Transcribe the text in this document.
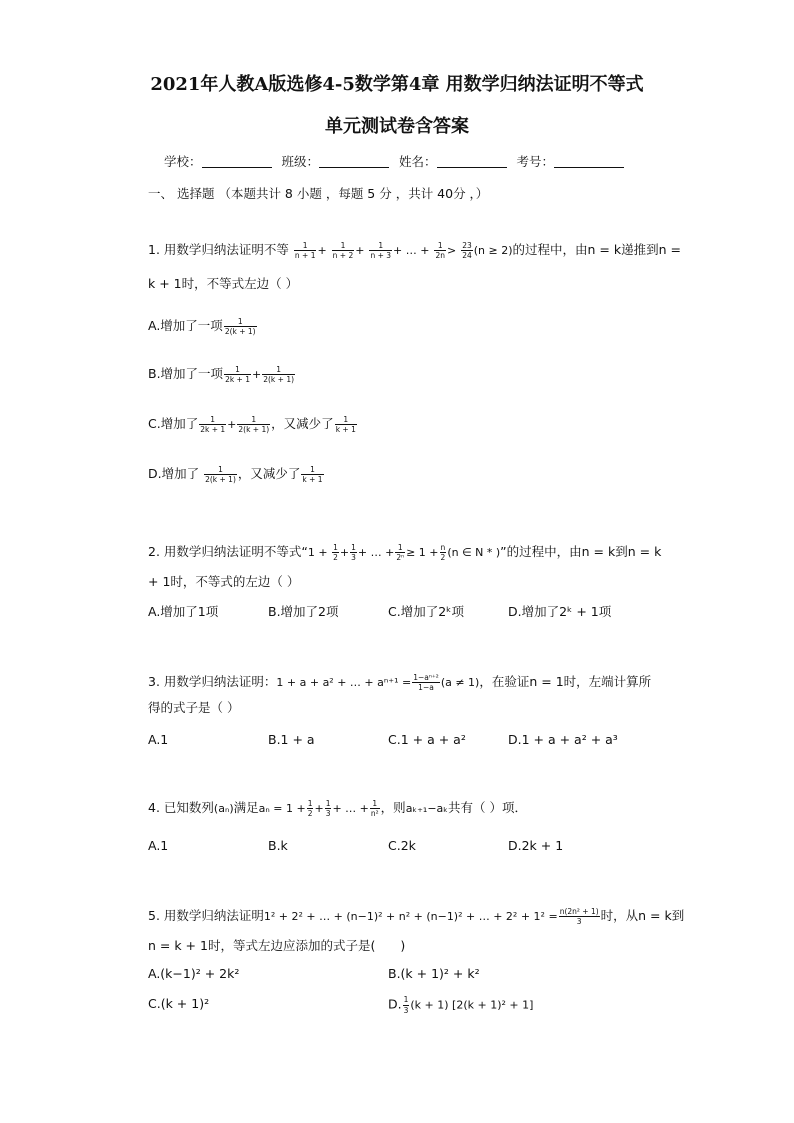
2021年人教A版选修4-5数学第4章 用数学归纳法证明不等式
单元测试卷含答案
学校：	班级：	姓名：	考号：
一、 选择题 （本题共计 8 小题 ，每题 5 分 ，共计 40分 ，）
1. 用数学归纳法证明不等 $\frac{1}{n + 1} + \frac{1}{n + 2} + \frac{1}{n + 3}$ + … + $\frac{1}{2n} > \frac{23}{24} (n \ge 2)$的过程中，由n = k递推到n =
k + 1时，不等式左边（ ）
A.增加了一项 $\frac{1}{2(k + 1)}$
B.增加了一项 $\frac{1}{2k + 1} + \frac{1}{2(k + 1)}$
C.增加了 $\frac{1}{2k + 1} + \frac{1}{2(k + 1)}$ ，又减少了 $\frac{1}{k + 1}$
D.增加了 $\frac{1}{2(k + 1)}$ ，又减少了 $\frac{1}{k + 1}$
2. 用数学归纳法证明不等式“$1 + \frac{1}{2} + \frac{1}{3}$ + … + $\frac{1}{\text{2ⁿ}} \ge 1 + \frac{n}{2} (n$ ∈ N * )”的过程中，由n = k到n = k
+ 1时，不等式的左边（ ）
A.增加了1项	B.增加了2项	C.增加了2ᵏ项	D.增加了2ᵏ + 1项
3. 用数学归纳法证明：1 + a + a² + … + $a^{n+1} = \frac{\text{1−aⁿ⁺²}}{1-a} (a \ne 1)$，在验证n = 1时，左端计算所
得的式子是（ ）
A.1	B.1 + a	C.1 + a + a²	D.1 + a + a² + a³
4. 已知数列(aₙ)满足$a_n = 1 + \frac{1}{2} + \frac{1}{3}$ + … + $\frac{1}{\text{n²}}$ ，则aₖ₊₁−aₖ共有（ ）项．
A.1	B.k	C.2k	D.2k + 1
5. 用数学归纳法证明1² + 2² + … + (n−1)² + n² + (n−1)² + … + $2^2 + 1^2 = \frac{\text{n(2n² + 1)}}{3}$ 时，从n = k到
n = k + 1时，等式左边应添加的式子是(　　)
A.(k−1)² + 2k²	B.(k + 1)² + k²
C.(k + 1)²	D. $\frac{1}{3} (k + 1) [2(k + 1)^2 + 1]$
